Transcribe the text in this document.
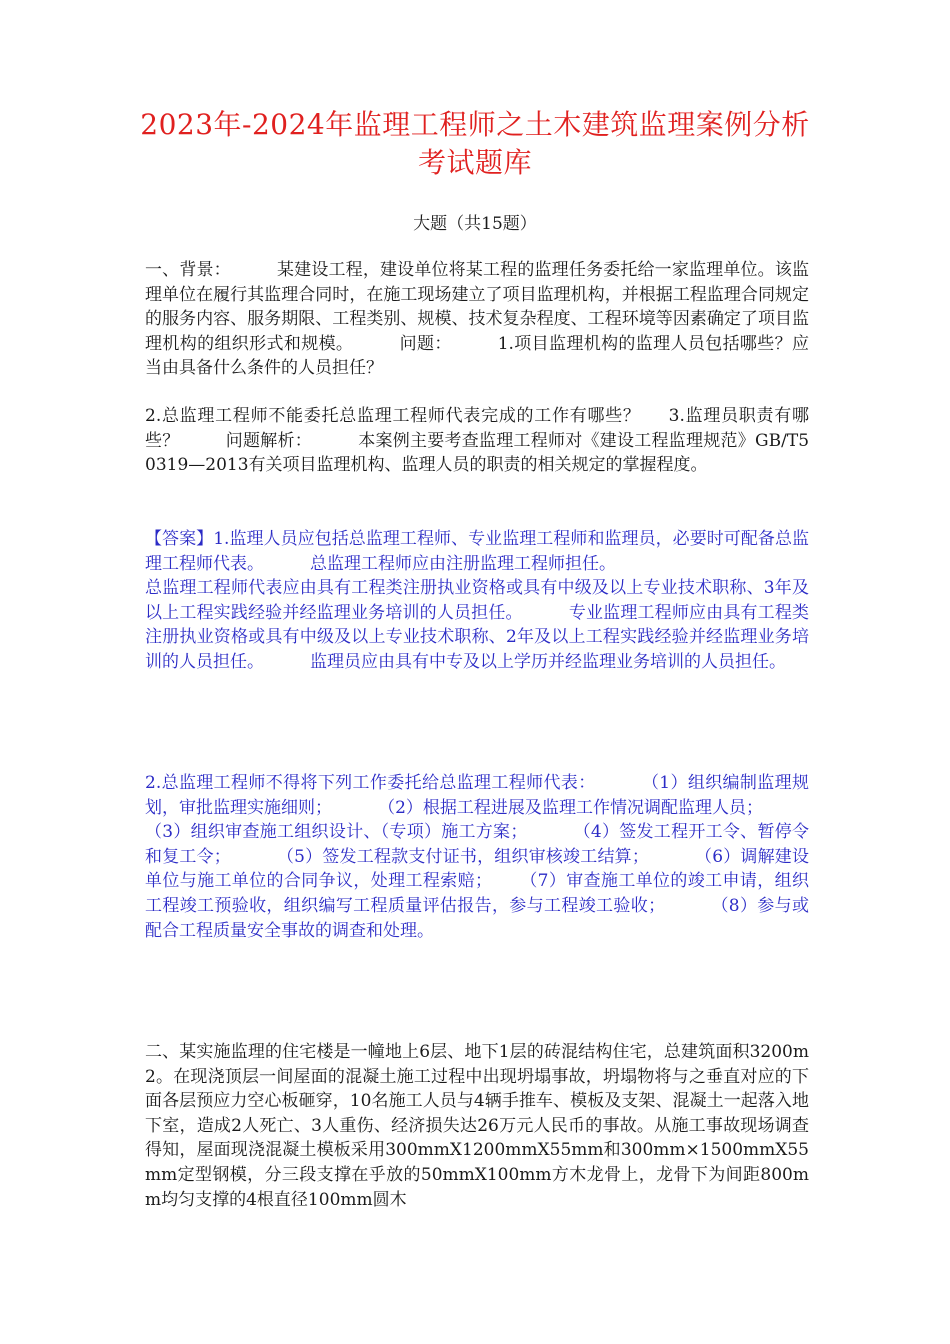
2023年-2024年监理工程师之土木建筑监理案例分析考试题库
大题（共15题）
一、背景：	某建设工程，建设单位将某工程的监理任务委托给一家监理单位。该监理单位在履行其监理合同时，在施工现场建立了项目监理机构，并根据工程监理合同规定的服务内容、服务期限、工程类别、规模、技术复杂程度、工程环境等因素确定了项目监理机构的组织形式和规模。	问题：	1.项目监理机构的监理人员包括哪些？应当由具备什么条件的人员担任？
2.总监理工程师不能委托总监理工程师代表完成的工作有哪些？ 3.监理员职责有哪些？	问题解析：	本案例主要考查监理工程师对《建设工程监理规范》GB/T50319—2013有关项目监理机构、监理人员的职责的相关规定的掌握程度。
【答案】1.监理人员应包括总监理工程师、专业监理工程师和监理员，必要时可配备总监理工程师代表。	总监理工程师应由注册监理工程师担任。
总监理工程师代表应由具有工程类注册执业资格或具有中级及以上专业技术职称、3年及以上工程实践经验并经监理业务培训的人员担任。	专业监理工程师应由具有工程类注册执业资格或具有中级及以上专业技术职称、2年及以上工程实践经验并经监理业务培训的人员担任。	监理员应由具有中专及以上学历并经监理业务培训的人员担任。
2.总监理工程师不得将下列工作委托给总监理工程师代表：	（1）组织编制监理规划，审批监理实施细则；	（2）根据工程进展及监理工作情况调配监理人员；（3）组织审查施工组织设计、（专项）施工方案；	（4）签发工程开工令、暂停令和复工令；	（5）签发工程款支付证书，组织审核竣工结算；	（6）调解建设单位与施工单位的合同争议，处理工程索赔； （7）审查施工单位的竣工申请，组织工程竣工预验收，组织编写工程质量评估报告，参与工程竣工验收；	（8）参与或配合工程质量安全事故的调查和处理。
二、某实施监理的住宅楼是一幢地上6层、地下1层的砖混结构住宅，总建筑面积3200m2。在现浇顶层一间屋面的混凝土施工过程中出现坍塌事故，坍塌物将与之垂直对应的下面各层预应力空心板砸穿，10名施工人员与4辆手推车、模板及支架、混凝土一起落入地下室，造成2人死亡、3人重伤、经济损失达26万元人民币的事故。从施工事故现场调查得知，屋面现浇混凝土模板采用300mmX1200mmX55mm和300mm×1500mmX55mm定型钢模，分三段支撑在乎放的50mmX100mm方木龙骨上，龙骨下为间距800mm均匀支撑的4根直径100mm圆木
